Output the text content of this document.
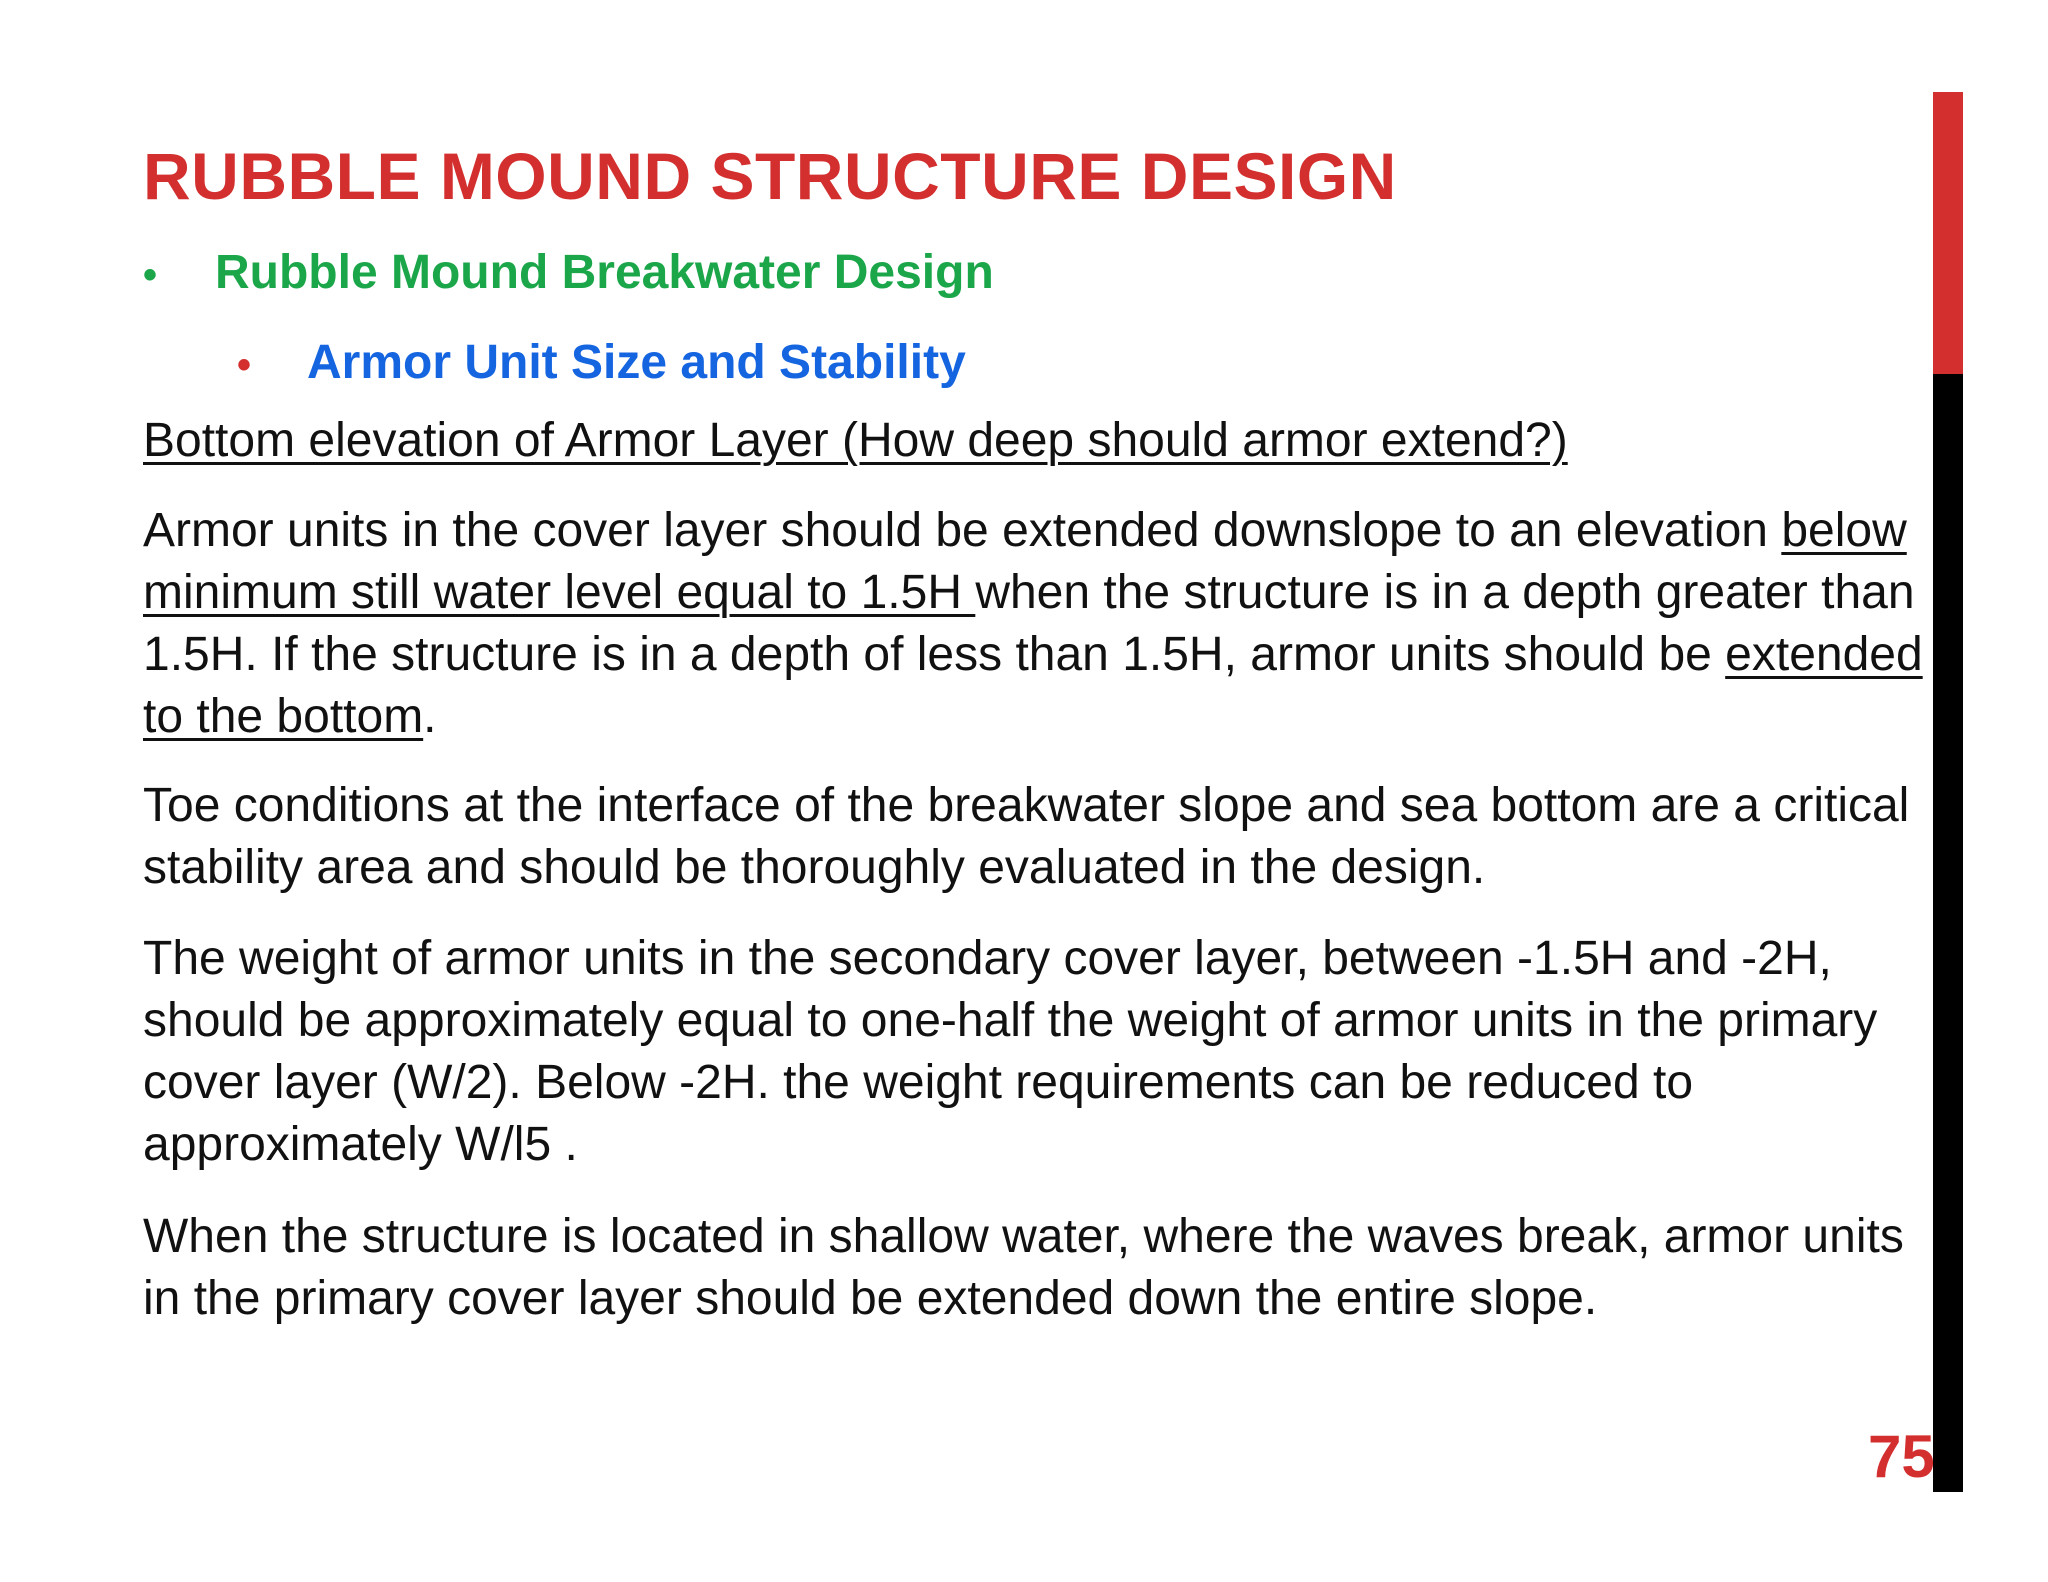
RUBBLE MOUND STRUCTURE DESIGN
•	Rubble Mound Breakwater Design
•	Armor Unit Size and Stability

Bottom elevation of Armor Layer (How deep should armor extend?)

Armor units in the cover layer should be extended downslope to an elevation below minimum still water level equal to 1.5H when the structure is in a depth greater than 1.5H. If the structure is in a depth of less than 1.5H, armor units should be extended to the bottom.

Toe conditions at the interface of the breakwater slope and sea bottom are a critical stability area and should be thoroughly evaluated in the design.

The weight of armor units in the secondary cover layer, between -1.5H and -2H, should be approximately equal to one-half the weight of armor units in the primary cover layer (W/2). Below -2H. the weight requirements can be reduced to approximately W/l5 .

When the structure is located in shallow water, where the waves break, armor units in the primary cover layer should be extended down the entire slope.

75
